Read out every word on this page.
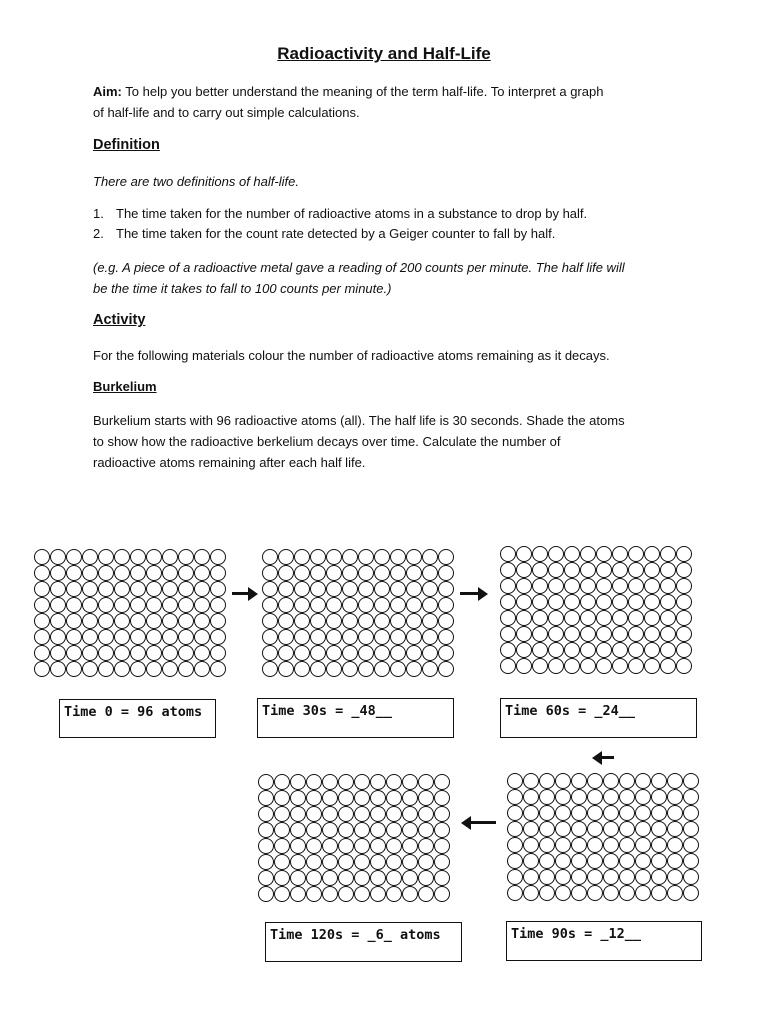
Radioactivity and Half-Life
Aim: To help you better understand the meaning of the term half-life. To interpret a graph
of half-life and to carry out simple calculations.
Definition
There are two definitions of half-life.
1. The time taken for the number of radioactive atoms in a substance to drop by half.
2. The time taken for the count rate detected by a Geiger counter to fall by half.
(e.g. A piece of a radioactive metal gave a reading of 200 counts per minute. The half life will
be the time it takes to fall to 100 counts per minute.)
Activity
For the following materials colour the number of radioactive atoms remaining as it decays.
Burkelium
Burkelium starts with 96 radioactive atoms (all). The half life is 30 seconds. Shade the atoms
to show how the radioactive berkelium decays over time. Calculate the number of
radioactive atoms remaining after each half life.
Time 0 = 96 atoms	Time 30s = _48__	Time 60s = _24__
Time 90s = _12__
Time 120s = _6_ atoms
